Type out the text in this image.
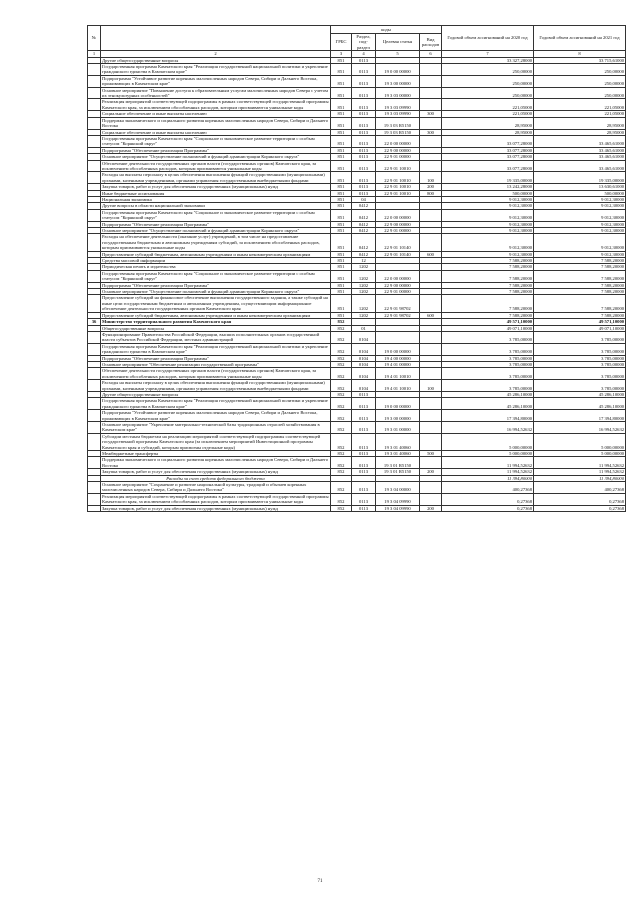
№		коды				Годовой объем ассигнований на 2020 год	Годовой объем ассигнований на 2021 год
		ГРБС	Раздел, под-раздел	Целевая статья	Вид расходов		
1	2	3	4	5	6	7	8
	Другие общегосударственные вопросы	851	0113			33 327,28000	33 715,61000
	Государственная программа Камчатского края "Реализация государственной национальной политики и укрепление гражданского единства в Камчатском крае"	851	0113	19 0 00 00000		250,00000	250,00000
	Подпрограмма "Устойчивое развитие коренных малочисленных народов Севера, Сибири и Дальнего Востока, проживающих в Камчатском крае"	851	0113	19 3 00 00000		250,00000	250,00000
	Основное мероприятие "Повышение доступа к образовательным услугам малочисленных народов Севера с учетом их этнокультурных особенностей"	851	0113	19 3 03 00000		250,00000	250,00000
	Реализация мероприятий соответствующей подпрограммы в рамках соответствующей государственной программы Камчатского края, за исключением обособленных расходов, которым присваиваются уникальные коды	851	0113	19 3 03 09990		221,05000	221,05000
	Социальное обеспечение и иные выплаты населению	851	0113	19 3 03 09990	300	221,05000	221,05000
	Поддержка экономического и социального развития коренных малочисленных народов Севера, Сибири и Дальнего Востока	851	0113	19 3 03 R5150		28,95000	28,95000
	Социальное обеспечение и иные выплаты населению	851	0113	19 3 03 R5150	300	28,95000	28,95000
	Государственная программа Камчатского края "Социальное и экономическое развитие территории с особым статусом "Корякский округ"	851	0113	22 0 00 00000		33 077,28000	33 465,61000
	Подпрограмма "Обеспечение реализации Программы"	851	0113	22 9 00 00000		33 077,28000	33 465,61000
	Основное мероприятие "Осуществление полномочий и функций администрации Корякского округа"	851	0113	22 9 01 00000		33 077,28000	33 465,61000
	Обеспечение деятельности государственных органов власти (государственных органов) Камчатского края, за исключением обособленных расходов, которым присваиваются уникальные коды	851	0113	22 9 01 10010		33 077,28000	33 465,61000
	Расходы на выплаты персоналу в целях обеспечения выполнения функций государственными (муниципальными) органами, казенными учреждениями, органами управления государственными внебюджетными фондами	851	0113	22 9 01 10010	100	19 335,00000	19 335,00000
	Закупка товаров, работ и услуг для обеспечения государственных (муниципальных) нужд	851	0113	22 9 01 10010	200	13 242,28000	13 630,61000
	Иные бюджетные ассигнования	851	0113	22 9 01 10010	800	500,00000	500,00000
	Национальная экономика	851	04			9 012,30000	9 012,30000
	Другие вопросы в области национальной экономики	851	0412			9 012,30000	9 012,30000
	Государственная программа Камчатского края "Социальное и экономическое развитие территории с особым статусом "Корякский округ"	851	0412	22 0 00 00000		9 012,30000	9 012,30000
	Подпрограмма "Обеспечение реализации Программы"	851	0412	22 9 00 00000		9 012,30000	9 012,30000
	Основное мероприятие "Осуществление полномочий и функций администрации Корякского округа"	851	0412	22 9 01 00000		9 012,30000	9 012,30000
	Расходы на обеспечение деятельности (оказание услуг) учреждений, в том числе на предоставление государственным бюджетным и автономным учреждениям субсидий, за исключением обособленных расходов, которым присваиваются уникальные коды	851	0412	22 9 01 10140		9 012,30000	9 012,30000
	Предоставление субсидий бюджетным, автономным учреждениям и иным некоммерческим организациям	851	0412	22 9 01 10140	600	9 012,30000	9 012,30000
	Средства массовой информации	851	12			7 588,20000	7 588,20000
	Периодическая печать и издательства	851	1202			7 588,20000	7 588,20000
	Государственная программа Камчатского края "Социальное и экономическое развитие территории с особым статусом "Корякский округ"	851	1202	22 0 00 00000		7 588,20000	7 588,20000
	Подпрограмма "Обеспечение реализации Программы"	851	1202	22 9 00 00000		7 588,20000	7 588,20000
	Основное мероприятие "Осуществление полномочий и функций администрации Корякского округа"	851	1202	22 9 01 00000		7 588,20000	7 588,20000
	Предоставление субсидий на финансовое обеспечение выполнения государственного задания, а также субсидий на иные цели государственным бюджетным и автономным учреждениям, осуществляющим информационное обеспечение деятельности государственных органов Камчатского края	851	1202	22 9 01 98702		7 588,20000	7 588,20000
	Предоставление субсидий бюджетным, автономным учреждениям и иным некоммерческим организациям	851	1202	22 9 01 98702	600	7 588,20000	7 588,20000
36	Министерство территориального развития Камчатского края	852				49 571,10000	49 571,10000
	Общегосударственные вопросы	852	01			49 071,10000	49 071,10000
	Функционирование Правительства Российской Федерации, высших исполнительных органов государственной власти субъектов Российской Федерации, местных администраций	852	0104			3 785,00000	3 785,00000
	Государственная программа Камчатского края "Реализация государственной национальной политики и укрепление гражданского единства в Камчатском крае"	852	0104	19 0 00 00000		3 785,00000	3 785,00000
	Подпрограмма "Обеспечение реализации Программы"	852	0104	19 4 00 00000		3 785,00000	3 785,00000
	Основное мероприятие "Обеспечение реализации государственной программы"	852	0104	19 4 01 00000		3 785,00000	3 785,00000
	Обеспечение деятельности государственных органов власти (государственных органов) Камчатского края, за исключением обособленных расходов, которым присваиваются уникальные коды	852	0104	19 4 01 10010		3 785,00000	3 785,00000
	Расходы на выплаты персоналу в целях обеспечения выполнения функций государственными (муниципальными) органами, казенными учреждениями, органами управления государственными внебюджетными фондами	852	0104	19 4 01 10010	100	3 785,00000	3 785,00000
	Другие общегосударственные вопросы	852	0113			45 286,10000	45 286,10000
	Государственная программа Камчатского края "Реализация государственной национальной политики и укрепление гражданского единства в Камчатском крае"	852	0113	19 0 00 00000		45 286,10000	45 286,10000
	Подпрограмма "Устойчивое развитие коренных малочисленных народов Севера, Сибири и Дальнего Востока, проживающих в Камчатском крае"	852	0113	19 3 00 00000		17 394,80000	17 394,80000
	Основное мероприятие "Укрепление материально-технической базы традиционных отраслей хозяйствования в Камчатском крае"	852	0113	19 3 01 00000		16 994,52632	16 994,52632
	Субсидии местным бюджетам на реализацию мероприятий соответствующей подпрограммы соответствующей государственной программы Камчатского края (за исключением мероприятий Инвестиционной программы Камчатского края и субсидий, которым присвоены отдельные коды)	852	0113	19 3 01 40060		5 000,00000	5 000,00000
	Межбюджетные трансферты	852	0113	19 3 01 40060	500	5 000,00000	5 000,00000
	Поддержка экономического и социального развития коренных малочисленных народов Севера, Сибири и Дальнего Востока	852	0113	19 3 01 R5150		11 994,52632	11 994,52632
	Закупка товаров, работ и услуг для обеспечения государственных (муниципальных) нужд	852	0113	19 3 01 R5150	200	11 994,52632	11 994,52632
	Расходы за счет средств федерального бюджета					11 394,80000	11 394,80000
	Основное мероприятие "Сохранение и развитие национальной культуры, традиций и обычаев коренных малочисленных народов Севера, Сибири и Дальнего Востока"	852	0113	19 3 04 00000		400,27368	400,27368
	Реализация мероприятий соответствующей подпрограммы в рамках соответствующей государственной программы Камчатского края, за исключением обособленных расходов, которым присваиваются уникальные коды	852	0113	19 3 04 09990		0,27368	0,27368
	Закупка товаров, работ и услуг для обеспечения государственных (муниципальных) нужд	852	0113	19 3 04 09990	200	0,27368	0,27368
71
